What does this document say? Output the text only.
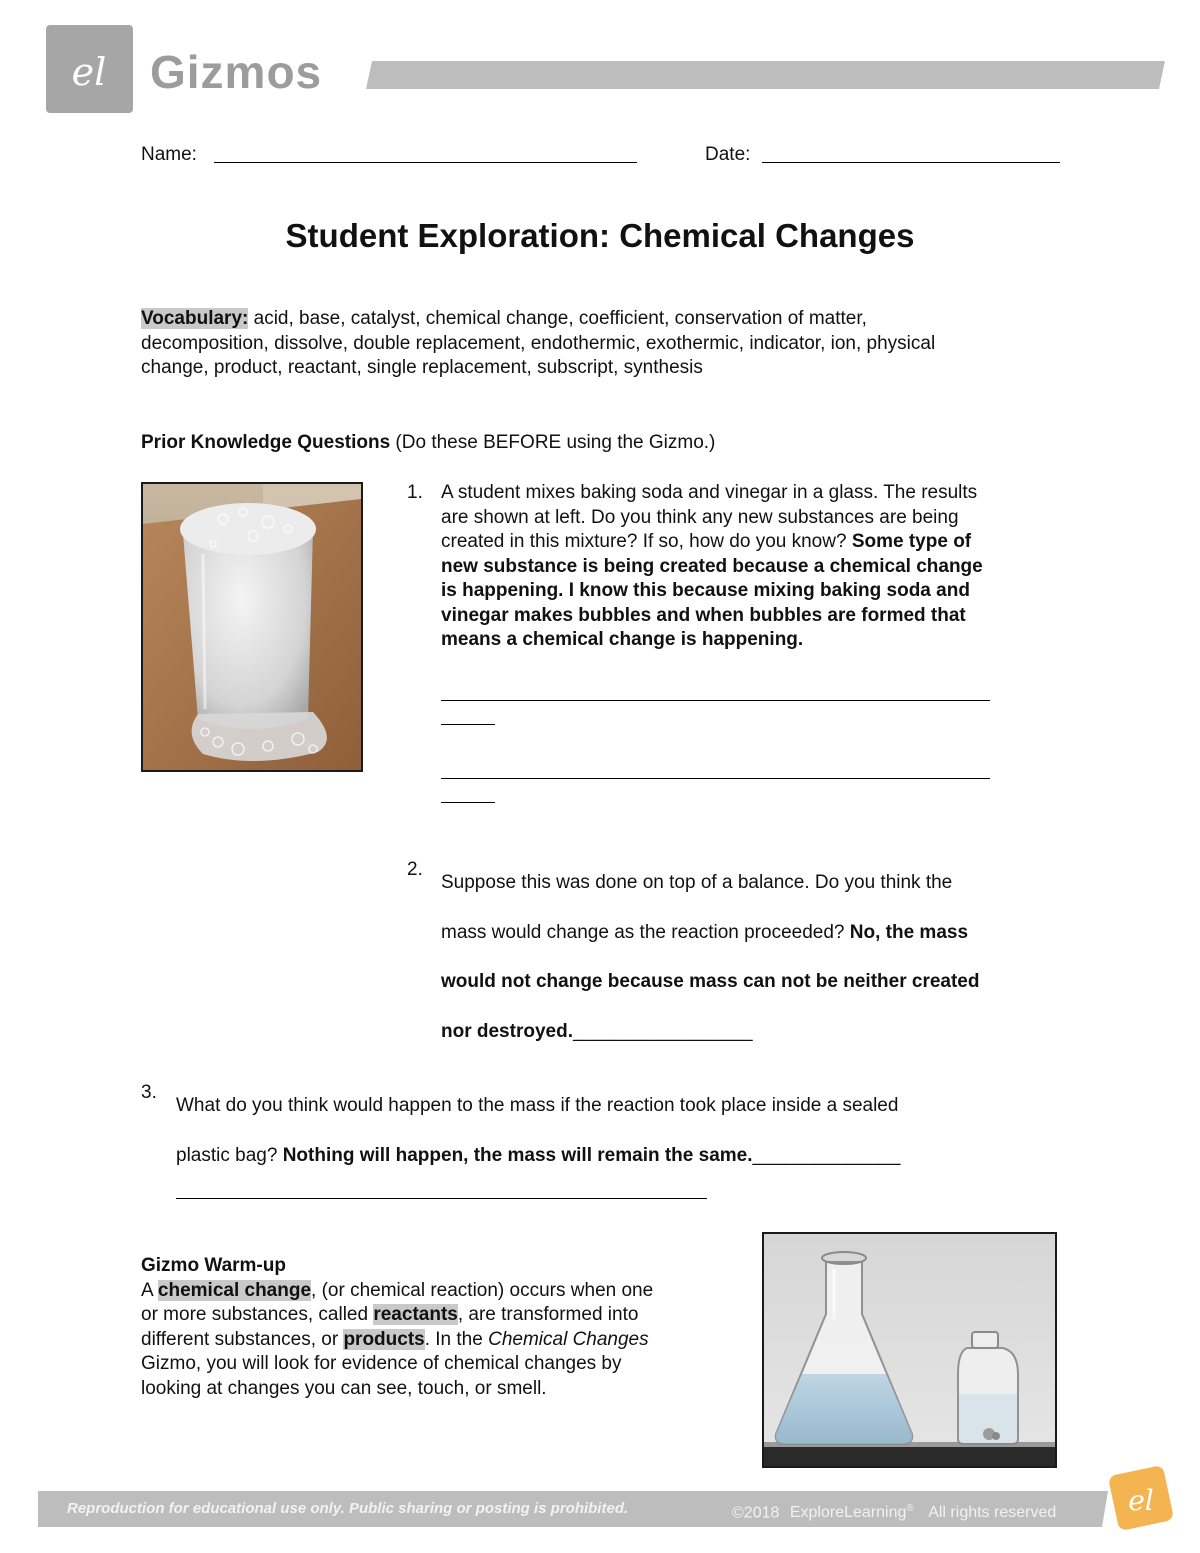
el Gizmos
Name:	Date:
Student Exploration: Chemical Changes
Vocabulary: acid, base, catalyst, chemical change, coefficient, conservation of matter,
decomposition, dissolve, double replacement, endothermic, exothermic, indicator, ion, physical
change, product, reactant, single replacement, subscript, synthesis
Prior Knowledge Questions (Do these BEFORE using the Gizmo.)
1. A student mixes baking soda and vinegar in a glass. The results
are shown at left. Do you think any new substances are being
created in this mixture? If so, how do you know? Some type of
new substance is being created because a chemical change
is happening. I know this because mixing baking soda and
vinegar makes bubbles and when bubbles are formed that
means a chemical change is happening.
2.
Suppose this was done on top of a balance. Do you think the
mass would change as the reaction proceeded? No, the mass
would not change because mass can not be neither created
nor destroyed._________________
3.
What do you think would happen to the mass if the reaction took place inside a sealed
plastic bag? Nothing will happen, the mass will remain the same.______________
Gizmo Warm-up
A chemical change, (or chemical reaction) occurs when one
or more substances, called reactants, are transformed into
different substances, or products. In the Chemical Changes
Gizmo, you will look for evidence of chemical changes by
looking at changes you can see, touch, or smell.
Reproduction for educational use only. Public sharing or posting is prohibited.	©2018 ExploreLearning® All rights reserved	el
